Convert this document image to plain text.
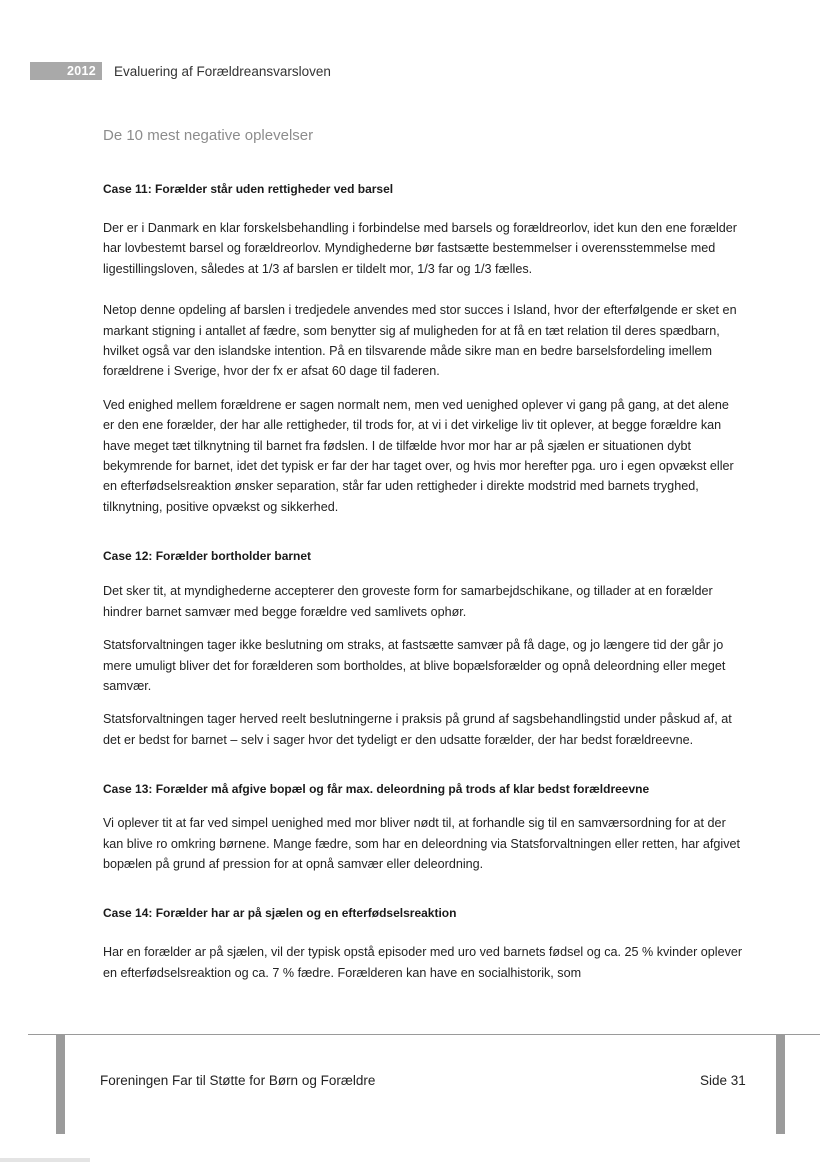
2012	Evaluering af Forældreansvarsloven
De 10 mest negative oplevelser

Case 11: Forælder står uden rettigheder ved barsel

Der er i Danmark en klar forskelsbehandling i forbindelse med barsels og forældreorlov, idet kun den ene forælder har lovbestemt barsel og forældreorlov. Myndighederne bør fastsætte bestemmelser i overensstemmelse med ligestillingsloven, således at 1/3 af barslen er tildelt mor, 1/3 far og 1/3 fælles.

Netop denne opdeling af barslen i tredjedele anvendes med stor succes i Island, hvor der efterfølgende er sket en markant stigning i antallet af fædre, som benytter sig af muligheden for at få en tæt relation til deres spædbarn, hvilket også var den islandske intention. På en tilsvarende måde sikre man en bedre barselsfordeling imellem forældrene i Sverige, hvor der fx er afsat 60 dage til faderen.

Ved enighed mellem forældrene er sagen normalt nem, men ved uenighed oplever vi gang på gang, at det alene er den ene forælder, der har alle rettigheder, til trods for, at vi i det virkelige liv tit oplever, at begge forældre kan have meget tæt tilknytning til barnet fra fødslen. I de tilfælde hvor mor har ar på sjælen er situationen dybt bekymrende for barnet, idet det typisk er far der har taget over, og hvis mor herefter pga. uro i egen opvækst eller en efterfødselsreaktion ønsker separation, står far uden rettigheder i direkte modstrid med barnets tryghed, tilknytning, positive opvækst og sikkerhed.

Case 12: Forælder bortholder barnet

Det sker tit, at myndighederne accepterer den groveste form for samarbejdschikane, og tillader at en forælder hindrer barnet samvær med begge forældre ved samlivets ophør.

Statsforvaltningen tager ikke beslutning om straks, at fastsætte samvær på få dage, og jo længere tid der går jo mere umuligt bliver det for forælderen som bortholdes, at blive bopælsforælder og opnå deleordning eller meget samvær.

Statsforvaltningen tager herved reelt beslutningerne i praksis på grund af sagsbehandlingstid under påskud af, at det er bedst for barnet – selv i sager hvor det tydeligt er den udsatte forælder, der har bedst forældreevne.

Case 13: Forælder må afgive bopæl og får max. deleordning på trods af klar bedst forældreevne

Vi oplever tit at far ved simpel uenighed med mor bliver nødt til, at forhandle sig til en samværsordning for at der kan blive ro omkring børnene. Mange fædre, som har en deleordning via Statsforvaltningen eller retten, har afgivet bopælen på grund af pression for at opnå samvær eller deleordning.

Case 14: Forælder har ar på sjælen og en efterfødselsreaktion

Har en forælder ar på sjælen, vil der typisk opstå episoder med uro ved barnets fødsel og ca. 25 % kvinder oplever en efterfødselsreaktion og ca. 7 % fædre. Forælderen kan have en socialhistorik, som

Foreningen Far til Støtte for Børn og Forældre	Side 31
